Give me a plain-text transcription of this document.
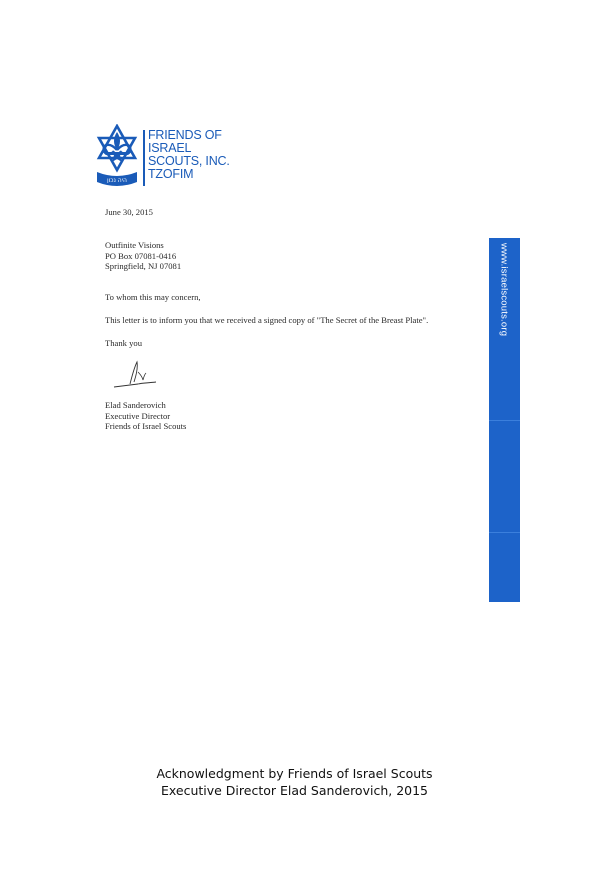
היה נכון
FRIENDS OF
ISRAEL
SCOUTS, INC.
TZOFIM
June 30, 2015
Outfinite Visions
PO Box 07081-0416
Springfield, NJ 07081
To whom this may concern,
This letter is to inform you that we received a signed copy of "The Secret of the Breast Plate".
Thank you
Elad Sanderovich
Executive Director
Friends of Israel Scouts
www.israelscouts.org
Acknowledgment by Friends of Israel Scouts
Executive Director Elad Sanderovich, 2015
